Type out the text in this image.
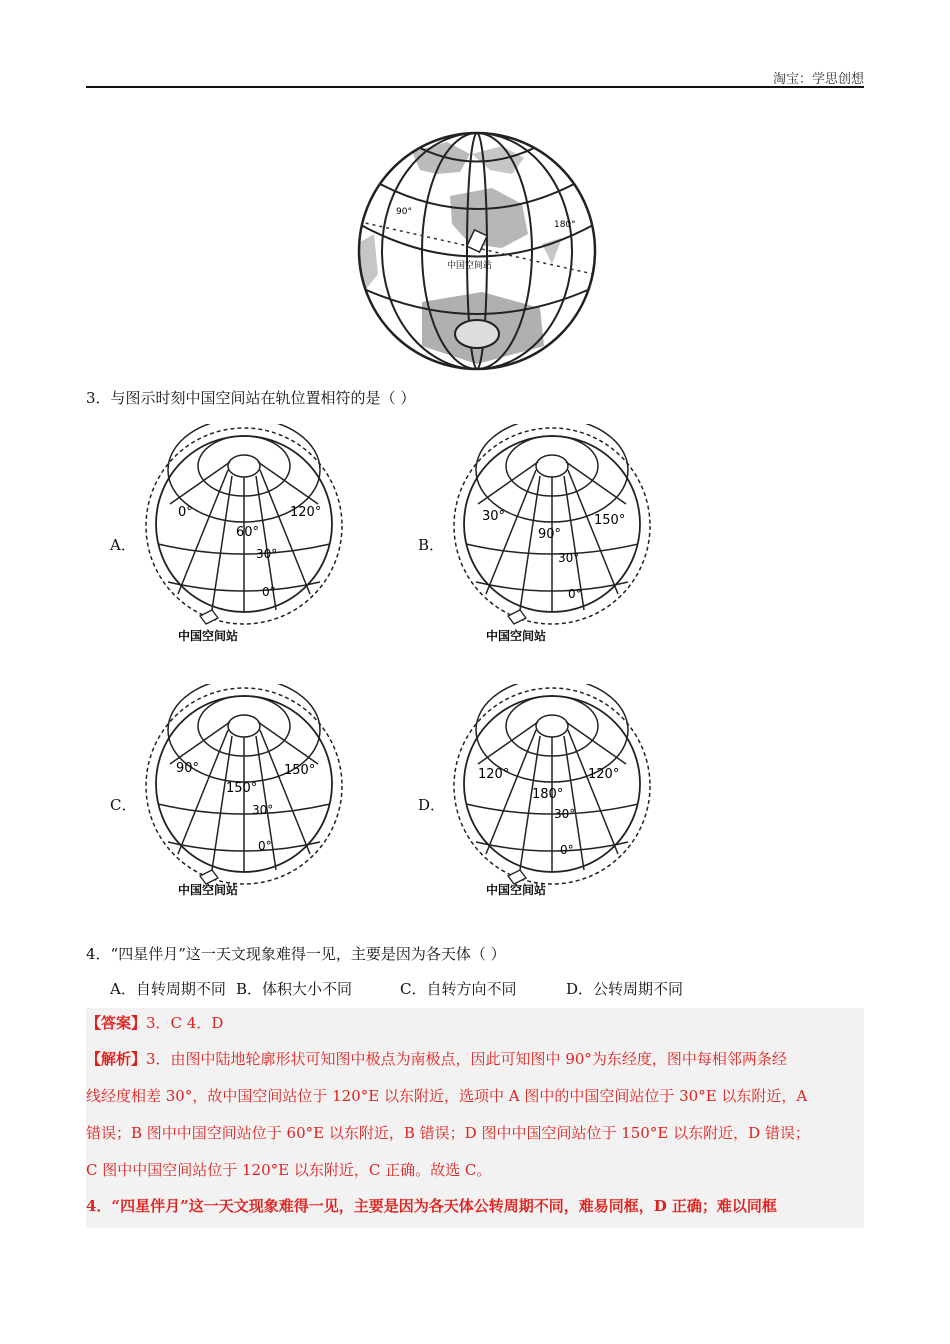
淘宝：学思创想
90°
180°
中国空间站
3．与图示时刻中国空间站在轨位置相符的是（ ）
A．	B．
C．	D．
0°
60°
120°
30°
0°
中国空间站
30°
90°
150°
30°
0°
中国空间站
90°
150°
150°
30°
0°
中国空间站
120°
180°
120°
30°
0°
中国空间站
4．“四星伴月”这一天文现象难得一见，主要是因为各天体（ ）
A．自转周期不同 B．体积大小不同	C．自转方向不同	D．公转周期不同
【答案】3．C 4．D
【解析】3．由图中陆地轮廓形状可知图中极点为南极点，因此可知图中 90°为东经度，图中每相邻两条经
线经度相差 30°，故中国空间站位于 120°E 以东附近，选项中 A 图中的中国空间站位于 30°E 以东附近，A
错误；B 图中中国空间站位于 60°E 以东附近，B 错误；D 图中中国空间站位于 150°E 以东附近，D 错误；
C 图中中国空间站位于 120°E 以东附近，C 正确。故选 C。
4．“四星伴月”这一天文现象难得一见，主要是因为各天体公转周期不同，难易同框，D 正确；难以同框
